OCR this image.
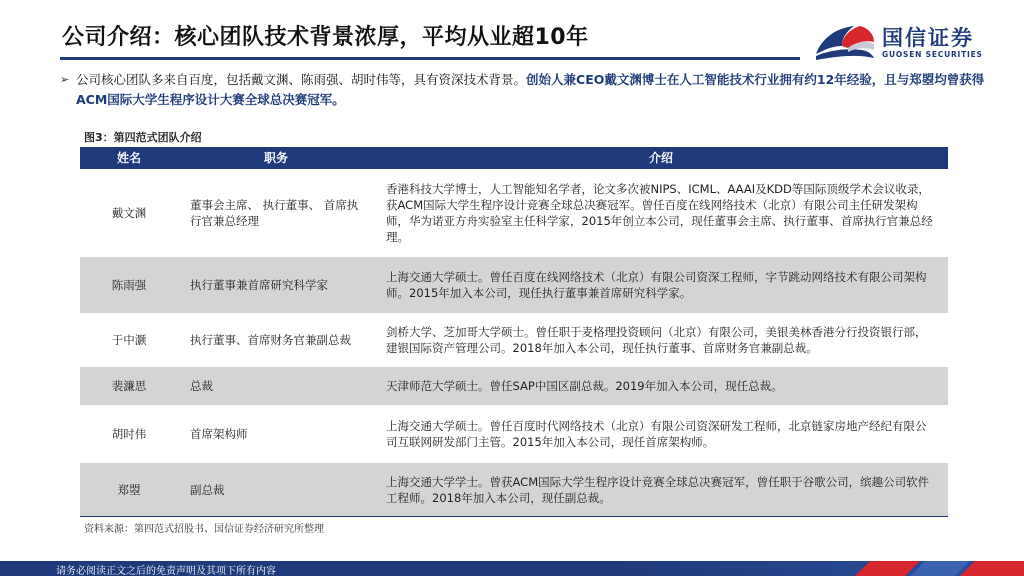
公司介绍：核心团队技术背景浓厚，平均从业超10年	国信证券
GUOSEN SECURITIES
➢ 公司核心团队多来自百度，包括戴文渊、陈雨强、胡时伟等，具有资深技术背景。创始人兼CEO戴文渊博士在人工智能技术行业拥有约12年经验，且与郑曌均曾获得ACM国际大学生程序设计大赛全球总决赛冠军。
图3：第四范式团队介绍
姓名	职务	介绍
戴文渊	董事会主席、 执行董事、 首席执行官兼总经理	香港科技大学博士，人工智能知名学者，论文多次被NIPS、ICML、AAAI及KDD等国际顶级学术会议收录，获ACM国际大学生程序设计竞赛全球总决赛冠军。曾任百度在线网络技术（北京）有限公司主任研发架构师，华为诺亚方舟实验室主任科学家，2015年创立本公司，现任董事会主席、执行董事、首席执行官兼总经理。
陈雨强	执行董事兼首席研究科学家	上海交通大学硕士。曾任百度在线网络技术（北京）有限公司资深工程师，字节跳动网络技术有限公司架构师。2015年加入本公司，现任执行董事兼首席研究科学家。
于中灏	执行董事、首席财务官兼副总裁	剑桥大学、芝加哥大学硕士。曾任职于麦格理投资顾问（北京）有限公司，美银美林香港分行投资银行部，建银国际资产管理公司。2018年加入本公司，现任执行董事、首席财务官兼副总裁。
裴濂思	总裁	天津师范大学硕士。曾任SAP中国区副总裁。2019年加入本公司，现任总裁。
胡时伟	首席架构师	上海交通大学硕士。曾任百度时代网络技术（北京）有限公司资深研发工程师，北京链家房地产经纪有限公司互联网研发部门主管。2015年加入本公司，现任首席架构师。
郑曌	副总裁	上海交通大学学士。曾获ACM国际大学生程序设计竞赛全球总决赛冠军，曾任职于谷歌公司，缤趣公司软件工程师。2018年加入本公司，现任副总裁。
资料来源：第四范式招股书、国信证券经济研究所整理
请务必阅读正文之后的免责声明及其项下所有内容
